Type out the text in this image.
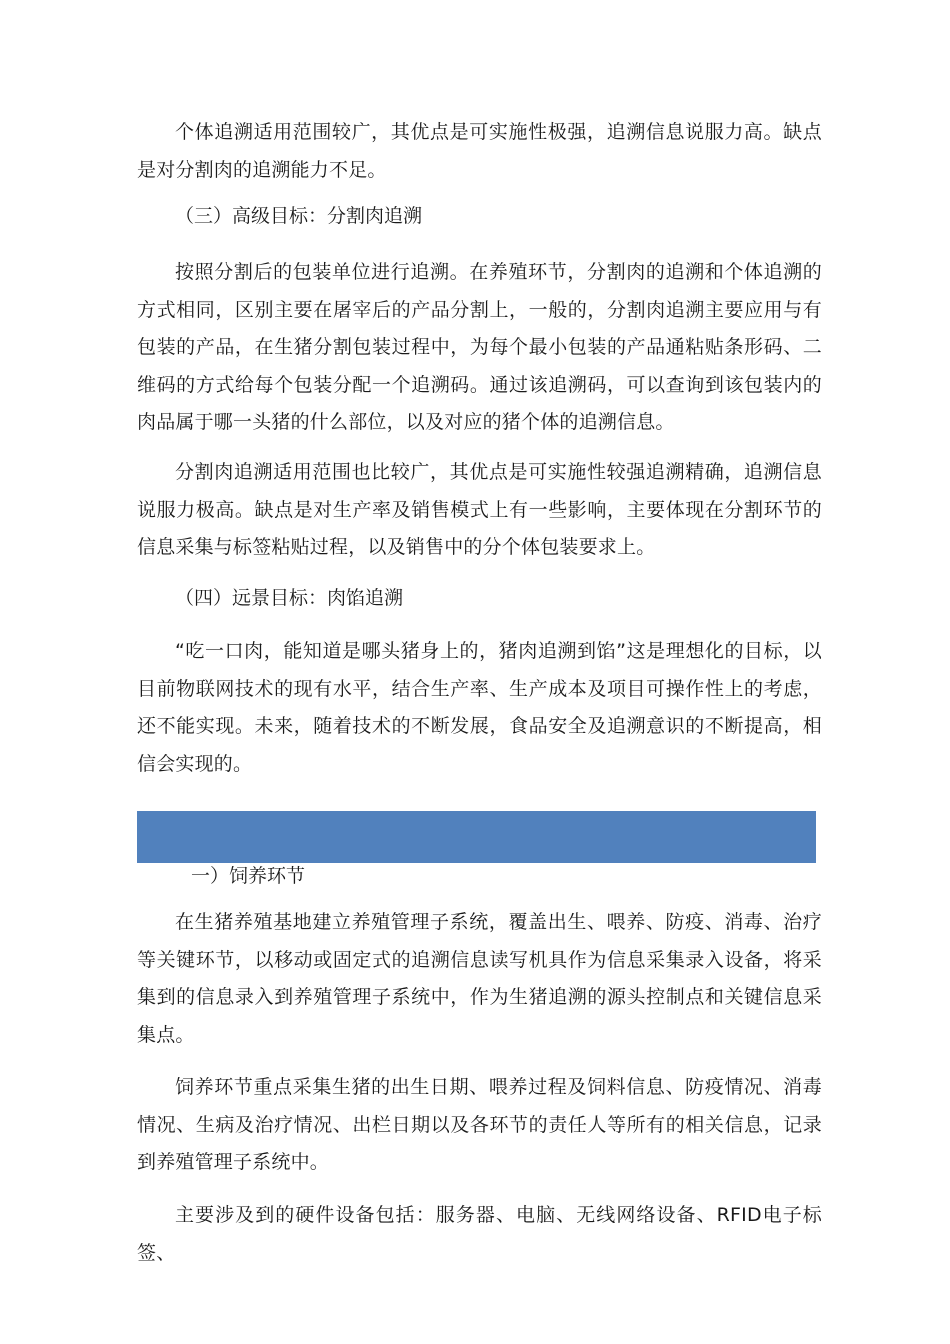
个体追溯适用范围较广，其优点是可实施性极强，追溯信息说服力高。缺点是对分割肉的追溯能力不足。

（三）高级目标：分割肉追溯

按照分割后的包装单位进行追溯。在养殖环节，分割肉的追溯和个体追溯的方式相同，区别主要在屠宰后的产品分割上，一般的，分割肉追溯主要应用与有包装的产品，在生猪分割包装过程中，为每个最小包装的产品通粘贴条形码、二维码的方式给每个包装分配一个追溯码。通过该追溯码，可以查询到该包装内的肉品属于哪一头猪的什么部位，以及对应的猪个体的追溯信息。

分割肉追溯适用范围也比较广，其优点是可实施性较强追溯精确，追溯信息说服力极高。缺点是对生产率及销售模式上有一些影响，主要体现在分割环节的信息采集与标签粘贴过程，以及销售中的分个体包装要求上。

（四）远景目标：肉馅追溯

“吃一口肉，能知道是哪头猪身上的，猪肉追溯到馅”这是理想化的目标，以目前物联网技术的现有水平，结合生产率、生产成本及项目可操作性上的考虑，还不能实现。未来，随着技术的不断发展，食品安全及追溯意识的不断提高，相信会实现的。

一）饲养环节

在生猪养殖基地建立养殖管理子系统，覆盖出生、喂养、防疫、消毒、治疗等关键环节，以移动或固定式的追溯信息读写机具作为信息采集录入设备，将采集到的信息录入到养殖管理子系统中，作为生猪追溯的源头控制点和关键信息采集点。

饲养环节重点采集生猪的出生日期、喂养过程及饲料信息、防疫情况、消毒情况、生病及治疗情况、出栏日期以及各环节的责任人等所有的相关信息，记录到养殖管理子系统中。

主要涉及到的硬件设备包括：服务器、电脑、无线网络设备、RFID电子标签、
